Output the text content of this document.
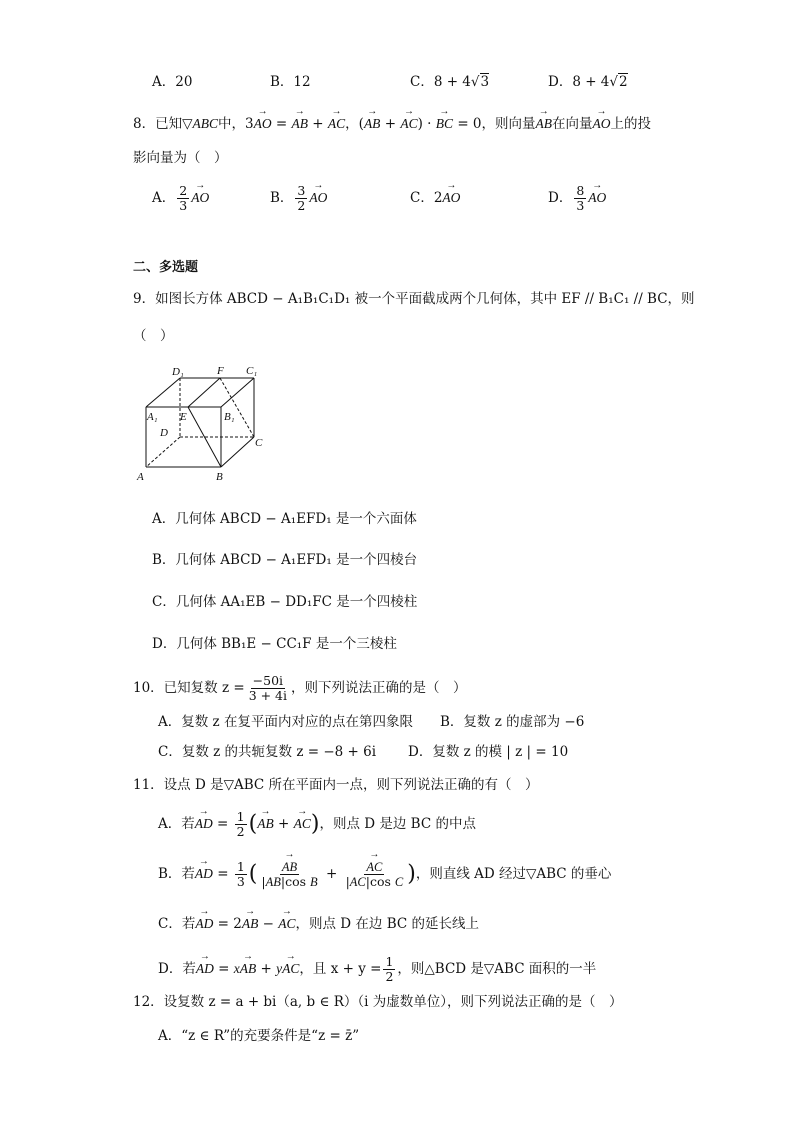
A．20	B．12	C．8 + 4√3	D．8 + 4√2
8．已知▽ABC中，3→ AO = → AB + → AC，(→ AB + → AC) · → BC = 0，则向量→ AB在向量→ AO上的投
影向量为（　）
A． $\frac{2}{3}$ → AO	B． $\frac{3}{2}$ → AO	C．2→ AO	D． $\frac{8}{3}$ → AO
二、多选题
9．如图长方体 ABCD − A₁B₁C₁D₁ 被一个平面截成两个几何体，其中 EF // B₁C₁ // BC，则
（　）
D₁	F C₁
A₁ E	B₁
D
C
A	B
A．几何体 ABCD − A₁EFD₁ 是一个六面体
B．几何体 ABCD − A₁EFD₁ 是一个四棱台
C．几何体 AA₁EB − DD₁FC 是一个四棱柱
D．几何体 BB₁E − CC₁F 是一个三棱柱
10．已知复数 $z = \frac{-50i}{3 + 4i}$ ，则下列说法正确的是（　）
A．复数 z 在复平面内对应的点在第四象限 B．复数 z 的虚部为 −6
C．复数 z 的共轭复数 z = −8 + 6i D．复数 z 的模 | z | = 10
11．设点 D 是▽ABC 所在平面内一点，则下列说法正确的有（　）
A．若→ AD = $\frac{1}{2}$ (→ AB + → AC)，则点 D 是边 BC 的中点
B．若→ AD = $\frac{1}{3}$ ( → $\frac{AB}{\text{|AB|cos B}}$ + → $\frac{AC}{\text{|AC|cos C}}$ )，则直线 AD 经过▽ABC 的垂心
C．若→ AD = 2→ AB − → AC，则点 D 在边 BC 的延长线上
D．若→ AD = x→ AB + y→ AC，且 $x + y = \frac{1}{2}$ ，则△BCD 是▽ABC 面积的一半
12．设复数 z = a + bi（a, b ∈ R）（i 为虚数单位），则下列说法正确的是（　）
A．“z ∈ R”的充要条件是“z = z̄”
